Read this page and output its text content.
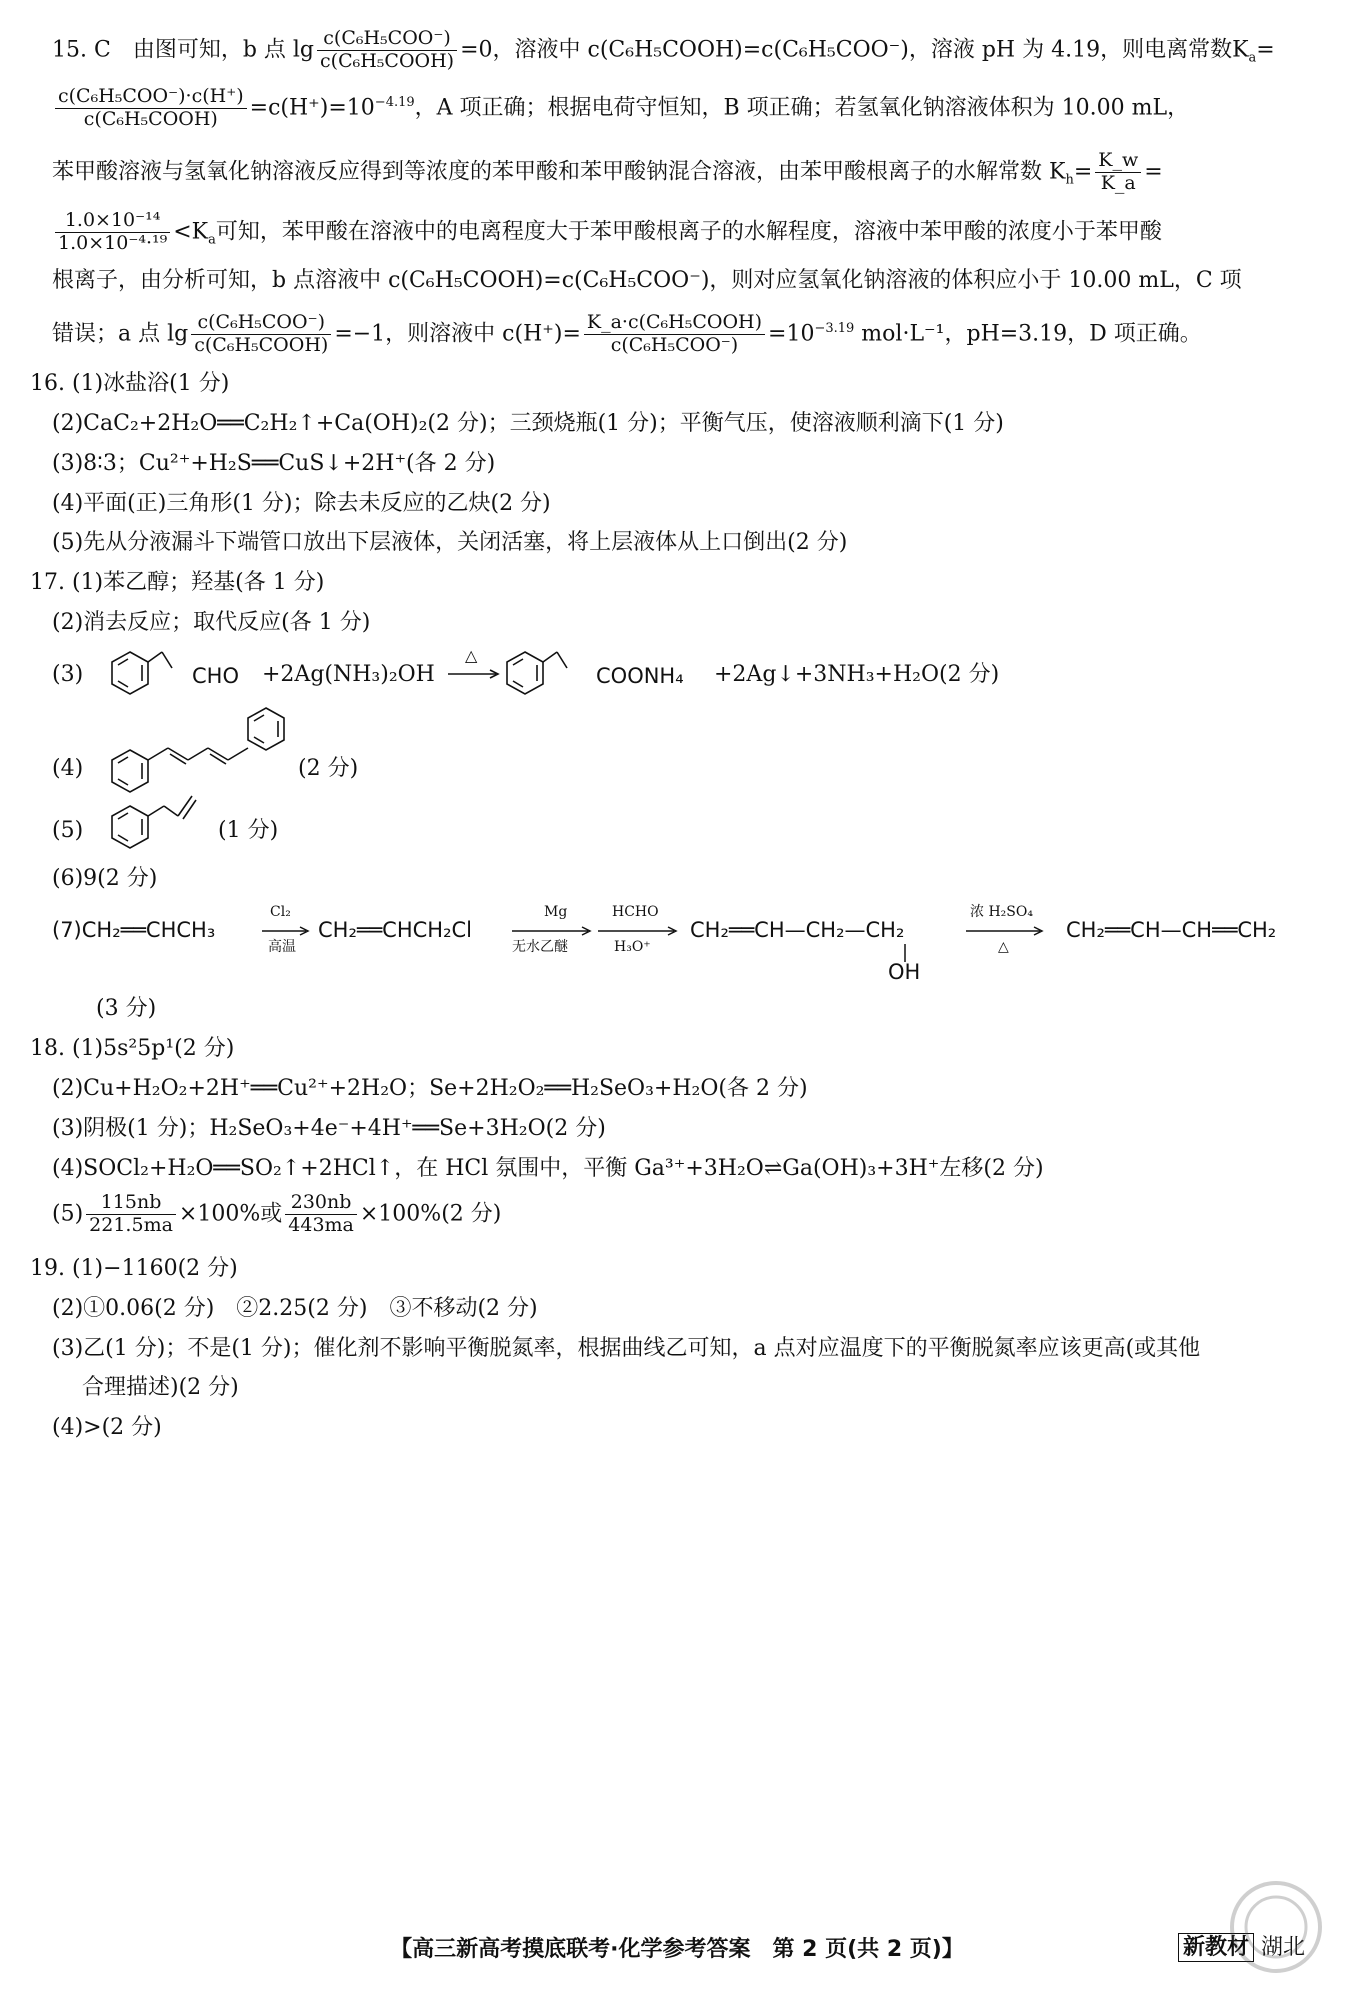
15. C　由图可知，b 点 $\lg \frac{\text{c(C₆H₅COO⁻)}}{\text{c(C₆H₅COOH)}} =0$，溶液中 c(C₆H₅COOH)=c(C₆H₅COO⁻)，溶液 pH 为 4.19，则电离常数$K_a=$
$\frac{\text{c(C₆H₅COO⁻)·c(H⁺)}}{\text{c(C₆H₅COOH)}} =c(H^+)=10^{-4.19}$，A 项正确；根据电荷守恒知，B 项正确；若氢氧化钠溶液体积为 10.00 mL，
苯甲酸溶液与氢氧化钠溶液反应得到等浓度的苯甲酸和苯甲酸钠混合溶液，由苯甲酸根离子的水解常数 $K_h= \frac{K\_w}{K\_a}$ =
$\frac{\text{1.0×10⁻¹⁴}}{\text{1.0×10⁻⁴·¹⁹}} <K_a$可知，苯甲酸在溶液中的电离程度大于苯甲酸根离子的水解程度，溶液中苯甲酸的浓度小于苯甲酸
根离子，由分析可知，b 点溶液中 c(C₆H₅COOH)=c(C₆H₅COO⁻)，则对应氢氧化钠溶液的体积应小于 10.00 mL，C 项
错误；a 点 $\lg \frac{\text{c(C₆H₅COO⁻)}}{\text{c(C₆H₅COOH)}} =-1$，则溶液中 $c(H^+)= \frac{\text{K\_a·c(C₆H₅COOH)}}{\text{c(C₆H₅COO⁻)}} =10^{-3.19}$ mol·L⁻¹，pH=3.19，D 项正确。
16. (1)冰盐浴(1 分)
(2)CaC₂+2H₂O══C₂H₂↑+Ca(OH)₂(2 分)；三颈烧瓶(1 分)；平衡气压，使溶液顺利滴下(1 分)
(3)8∶3；Cu²⁺+H₂S══CuS↓+2H⁺(各 2 分)
(4)平面(正)三角形(1 分)；除去未反应的乙炔(2 分)
(5)先从分液漏斗下端管口放出下层液体，关闭活塞，将上层液体从上口倒出(2 分)
17. (1)苯乙醇；羟基(各 1 分)
(2)消去反应；取代反应(各 1 分)
(3)	CHO +2Ag(NH₃)₂OH
△
COONH₄ +2Ag↓+3NH₃+H₂O(2 分)
(4)	(2 分)
(5)	(1 分)
(6)9(2 分)
(7)CH₂══CHCH₃
Cl₂
高温
CH₂══CHCH₂Cl
Mg	HCHO
无水乙醚	H₃O⁺
CH₂══CH—CH₂—CH₂
OH
浓 H₂SO₄
△
CH₂══CH—CH══CH₂
(3 分)
18. (1)5s²5p¹(2 分)
(2)Cu+H₂O₂+2H⁺══Cu²⁺+2H₂O；Se+2H₂O₂══H₂SeO₃+H₂O(各 2 分)
(3)阴极(1 分)；H₂SeO₃+4e⁻+4H⁺══Se+3H₂O(2 分)
(4)SOCl₂+H₂O══SO₂↑+2HCl↑，在 HCl 氛围中，平衡 Ga³⁺+3H₂O⇌Ga(OH)₃+3H⁺左移(2 分)
$(5) \frac{115nb}{221.5ma} \times 100\%$或 $\frac{230nb}{443ma} \times 100\%(2$ 分)
19. (1)−1160(2 分)
(2)①0.06(2 分)　②2.25(2 分)　③不移动(2 分)
(3)乙(1 分)；不是(1 分)；催化剂不影响平衡脱氮率，根据曲线乙可知，a 点对应温度下的平衡脱氮率应该更高(或其他
合理描述)(2 分)
(4)>(2 分)
【高三新高考摸底联考·化学参考答案　第 2 页(共 2 页)】	新教材 湖北
